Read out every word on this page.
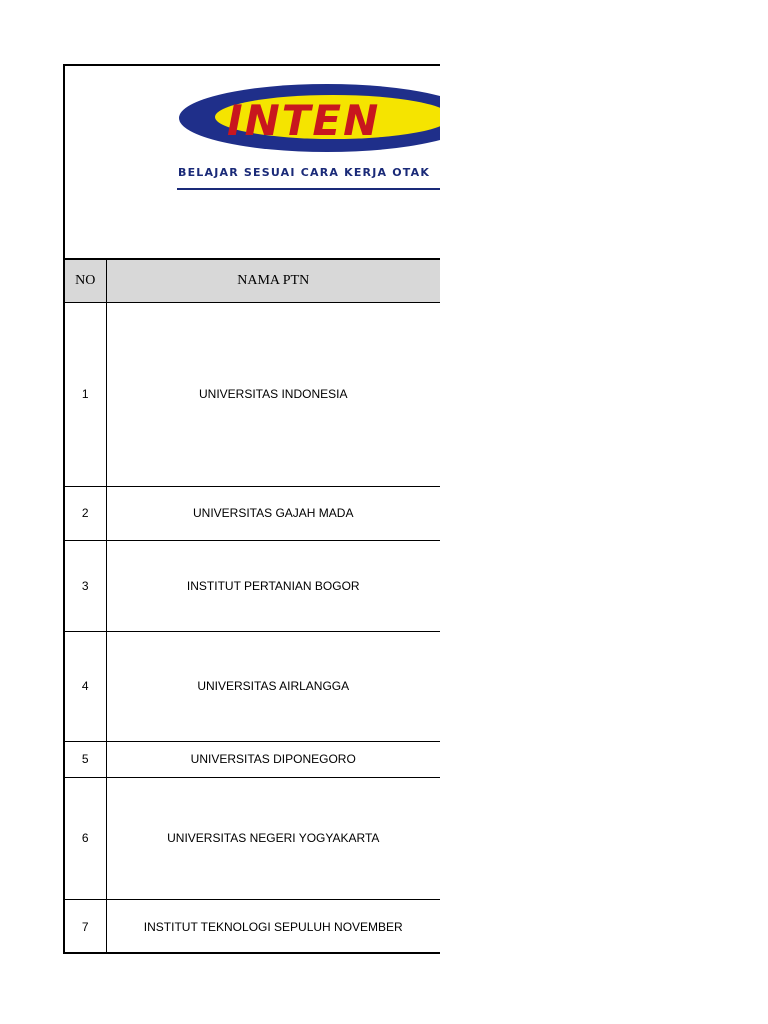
INTEN
BELAJAR SESUAI CARA KERJA OTAK
NO	NAMA PTN
1	UNIVERSITAS INDONESIA
2	UNIVERSITAS GAJAH MADA
3	INSTITUT PERTANIAN BOGOR
4	UNIVERSITAS AIRLANGGA
5	UNIVERSITAS DIPONEGORO
6	UNIVERSITAS NEGERI YOGYAKARTA
7	INSTITUT TEKNOLOGI SEPULUH NOVEMBER
